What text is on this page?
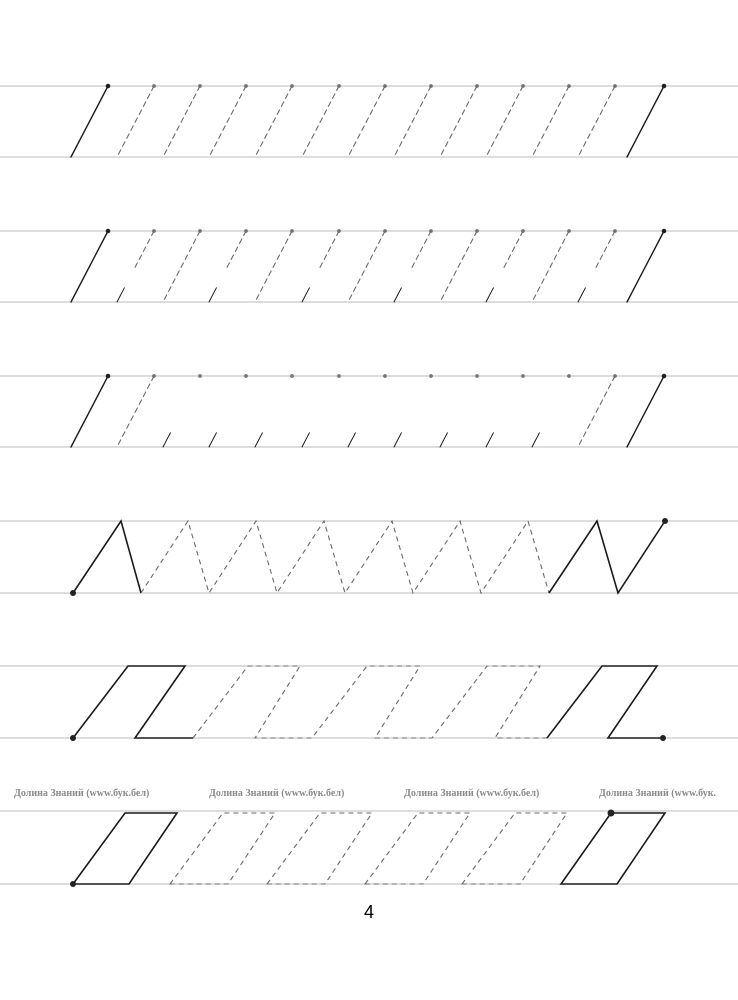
Долина Знаний (www.бук.бел)	Долина Знаний (www.бук.бел)	Долина Знаний (www.бук.бел)	Долина Знаний (www.бук.
4
